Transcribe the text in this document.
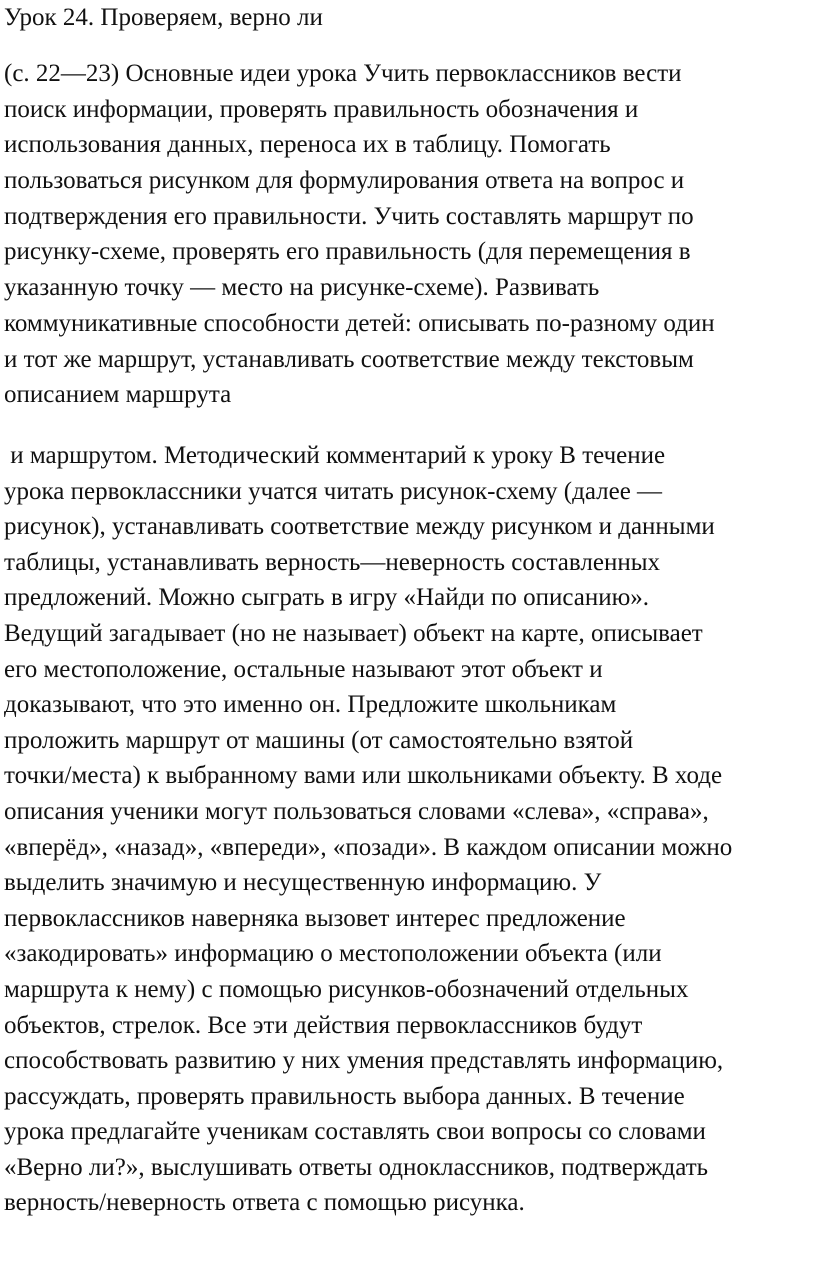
Урок 24. Проверяем, верно ли
(с. 22—23) Основные идеи урока Учить первоклассников вести
поиск информации, проверять правильность обозначения и
использования данных, переноса их в таблицу. Помогать
пользоваться рисунком для формулирования ответа на вопрос и
подтверждения его правильности. Учить составлять маршрут по
рисунку-схеме, проверять его правильность (для перемещения в
указанную точку — место на рисунке-схеме). Развивать
коммуникативные способности детей: описывать по-разному один
и тот же маршрут, устанавливать соответствие между текстовым
описанием маршрута
и маршрутом. Методический комментарий к уроку В течение
урока первоклассники учатся читать рисунок-схему (далее —
рисунок), устанавливать соответствие между рисунком и данными
таблицы, устанавливать верность—неверность составленных
предложений. Можно сыграть в игру «Найди по описанию».
Ведущий загадывает (но не называет) объект на карте, описывает
его местоположение, остальные называют этот объект и
доказывают, что это именно он. Предложите школьникам
проложить маршрут от машины (от самостоятельно взятой
точки/места) к выбранному вами или школьниками объекту. В ходе
описания ученики могут пользоваться словами «слева», «справа»,
«вперёд», «назад», «впереди», «позади». В каждом описании можно
выделить значимую и несущественную информацию. У
первоклассников наверняка вызовет интерес предложение
«закодировать» информацию о местоположении объекта (или
маршрута к нему) с помощью рисунков-обозначений отдельных
объектов, стрелок. Все эти действия первоклассников будут
способствовать развитию у них умения представлять информацию,
рассуждать, проверять правильность выбора данных. В течение
урока предлагайте ученикам составлять свои вопросы со словами
«Верно ли?», выслушивать ответы одноклассников, подтверждать
верность/неверность ответа с помощью рисунка.
